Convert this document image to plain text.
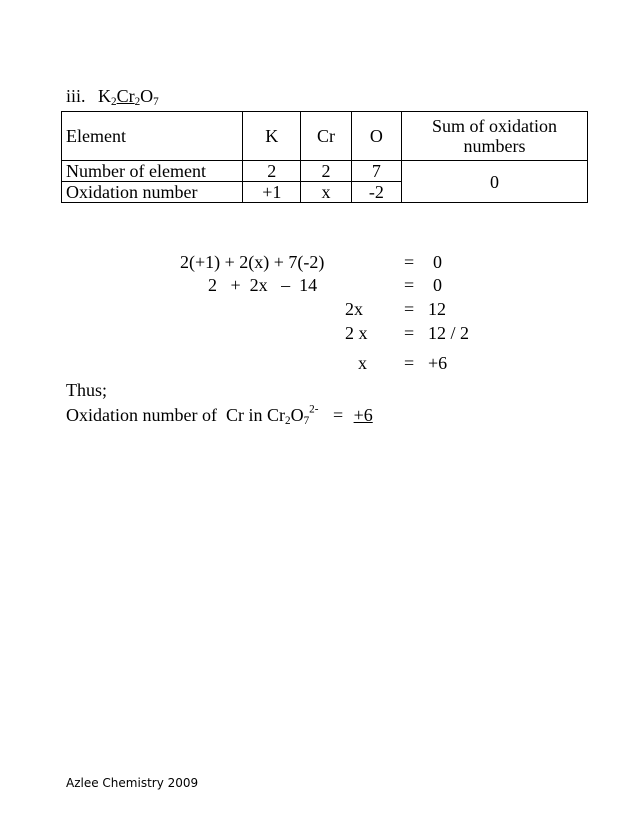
iii. $K_2Cr_2O_7$
Element	K	Cr	O	Sum of oxidation numbers
Number of element	2	2	7	0
Oxidation number	+1	x	-2	
2(+1) + 2(x) + 7(-2)	= 0
2   +  2x   –  14	= 0
2x = 12
2 x = 12 / 2
x = +6
Thus;
Oxidation number of  Cr in $Cr_2O_7^{2-} = +6$
Azlee Chemistry 2009
